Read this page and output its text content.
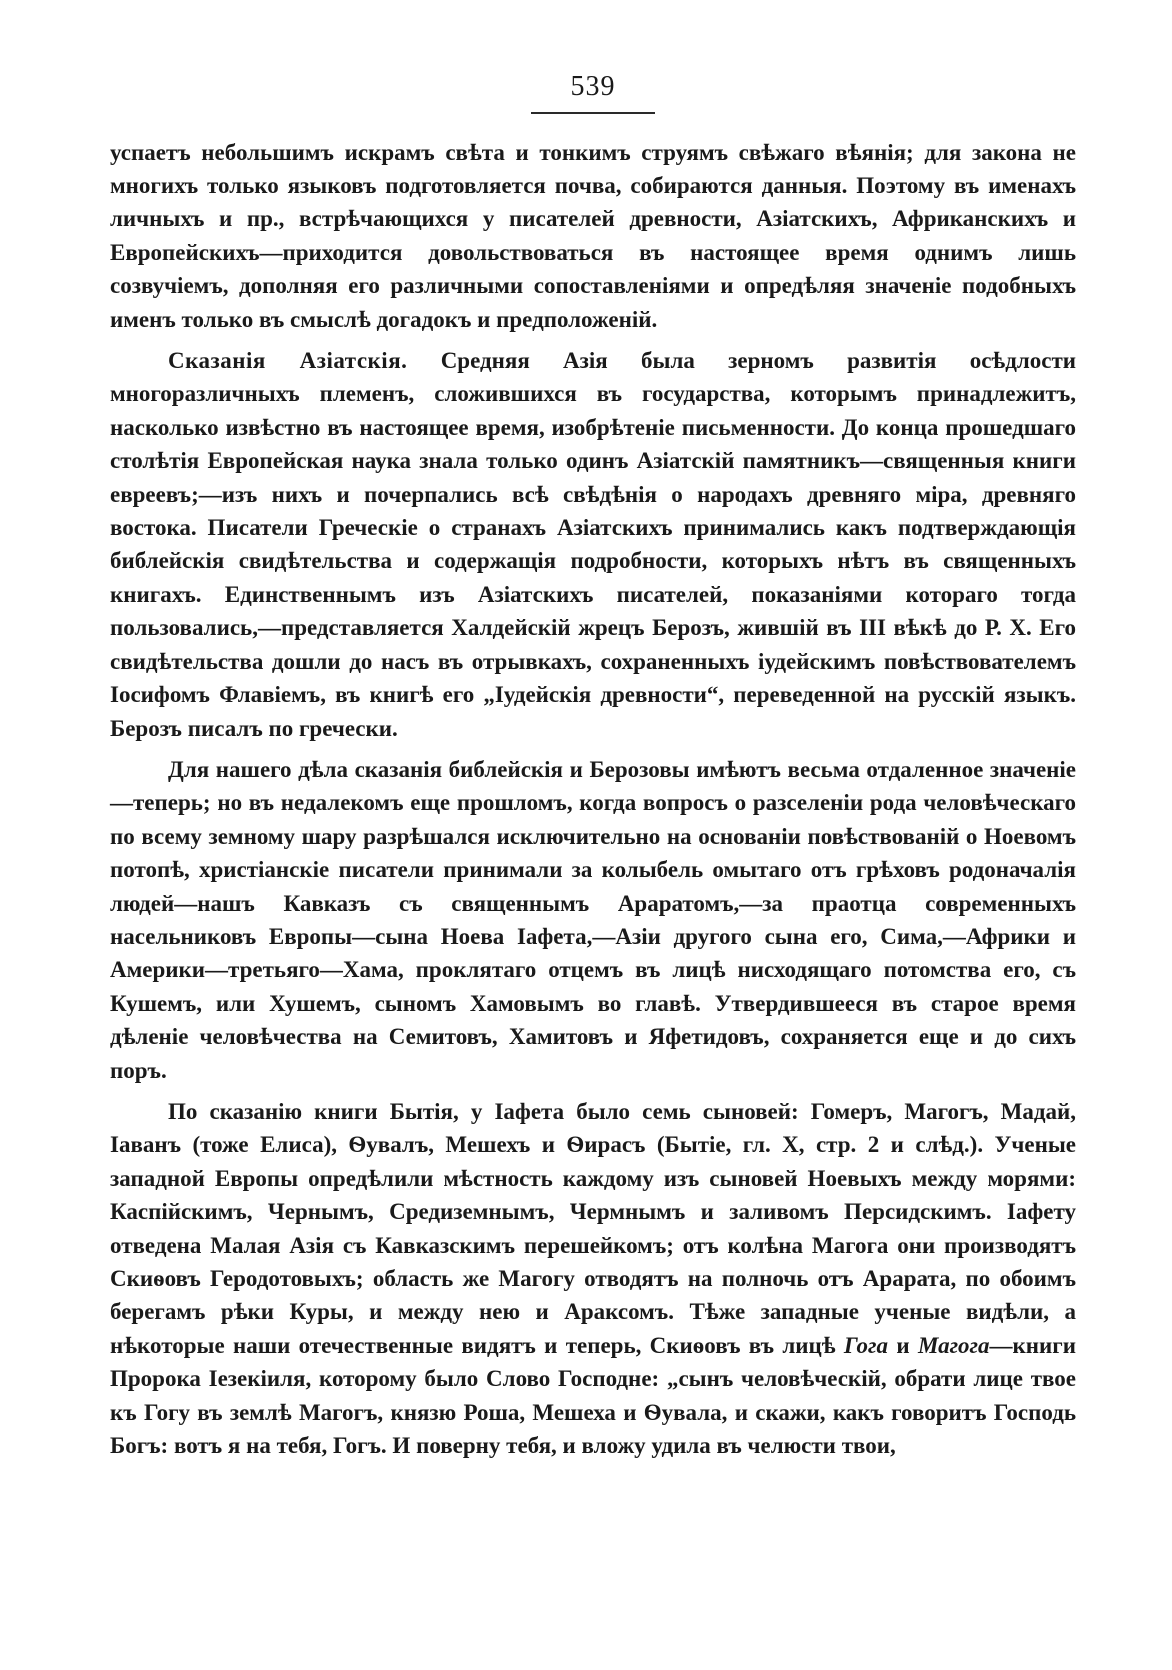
539

успаетъ небольшимъ искрамъ свѣта и тонкимъ струямъ свѣжаго вѣянія; для закона не многихъ только языковъ подготовляется почва, собираются данныя. Поэтому въ именахъ личныхъ и пр., встрѣчающихся у писателей древности, Азіатскихъ, Африканскихъ и Европейскихъ—приходится довольствоваться въ настоящее время однимъ лишь созвучіемъ, дополняя его различными сопоставленіями и опредѣляя значеніе подобныхъ именъ только въ смыслѣ догадокъ и предположеній.

Сказанія Азіатскія. Средняя Азія была зерномъ развитія осѣдлости многоразличныхъ племенъ, сложившихся въ государства, которымъ принадлежитъ, насколько извѣстно въ настоящее время, изобрѣтеніе письменности. До конца прошедшаго столѣтія Европейская наука знала только одинъ Азіатскій памятникъ—священныя книги евреевъ;—изъ нихъ и почерпались всѣ свѣдѣнія о народахъ древняго міра, древняго востока. Писатели Греческіе о странахъ Азіатскихъ принимались какъ подтверждающія библейскія свидѣтельства и содержащія подробности, которыхъ нѣтъ въ священныхъ книгахъ. Единственнымъ изъ Азіатскихъ писателей, показаніями котораго тогда пользовались,—представляется Халдейскій жрецъ Берозъ, жившій въ III вѣкѣ до Р. Х. Его свидѣтельства дошли до насъ въ отрывкахъ, сохраненныхъ іудейскимъ повѣствователемъ Іосифомъ Флавіемъ, въ книгѣ его „Іудейскія древности“, переведенной на русскій языкъ. Берозъ писалъ по гречески.

Для нашего дѣла сказанія библейскія и Берозовы имѣютъ весьма отдаленное значеніе—теперь; но въ недалекомъ еще прошломъ, когда вопросъ о разселеніи рода человѣческаго по всему земному шару разрѣшался исключительно на основаніи повѣствованій о Ноевомъ потопѣ, христіанскіе писатели принимали за колыбель омытаго отъ грѣховъ родоначалія людей—нашъ Кавказъ съ священнымъ Араратомъ,—за праотца современныхъ насельниковъ Европы—сына Ноева Іафета,—Азіи другого сына его, Сима,—Африки и Америки—третьяго—Хама, проклятаго отцемъ въ лицѣ нисходящаго потомства его, съ Кушемъ, или Хушемъ, сыномъ Хамовымъ во главѣ. Утвердившееся въ старое время дѣленіе человѣчества на Семитовъ, Хамитовъ и Яфетидовъ, сохраняется еще и до сихъ поръ.

По сказанію книги Бытія, у Іафета было семь сыновей: Гомеръ, Магогъ, Мадай, Іаванъ (тоже Елиса), Ѳувалъ, Мешехъ и Ѳирасъ (Бытіе, гл. X, стр. 2 и слѣд.). Ученые западной Европы опредѣлили мѣстность каждому изъ сыновей Ноевыхъ между морями: Каспійскимъ, Чернымъ, Средиземнымъ, Чермнымъ и заливомъ Персидскимъ. Іафету отведена Малая Азія съ Кавказскимъ перешейкомъ; отъ колѣна Магога они производятъ Скиѳовъ Геродотовыхъ; область же Магогу отводятъ на полночь отъ Арарата, по обоимъ берегамъ рѣки Куры, и между нею и Араксомъ. Тѣже западные ученые видѣли, а нѣкоторые наши отечественные видятъ и теперь, Скиѳовъ въ лицѣ Гога и Магога—книги Пророка Іезекіиля, которому было Слово Господне: „сынъ человѣческій, обрати лице твое къ Гогу въ землѣ Магогъ, князю Роша, Мешеха и Ѳувала, и скажи, какъ говоритъ Господь Богъ: вотъ я на тебя, Гогъ. И поверну тебя, и вложу удила въ челюсти твои,
